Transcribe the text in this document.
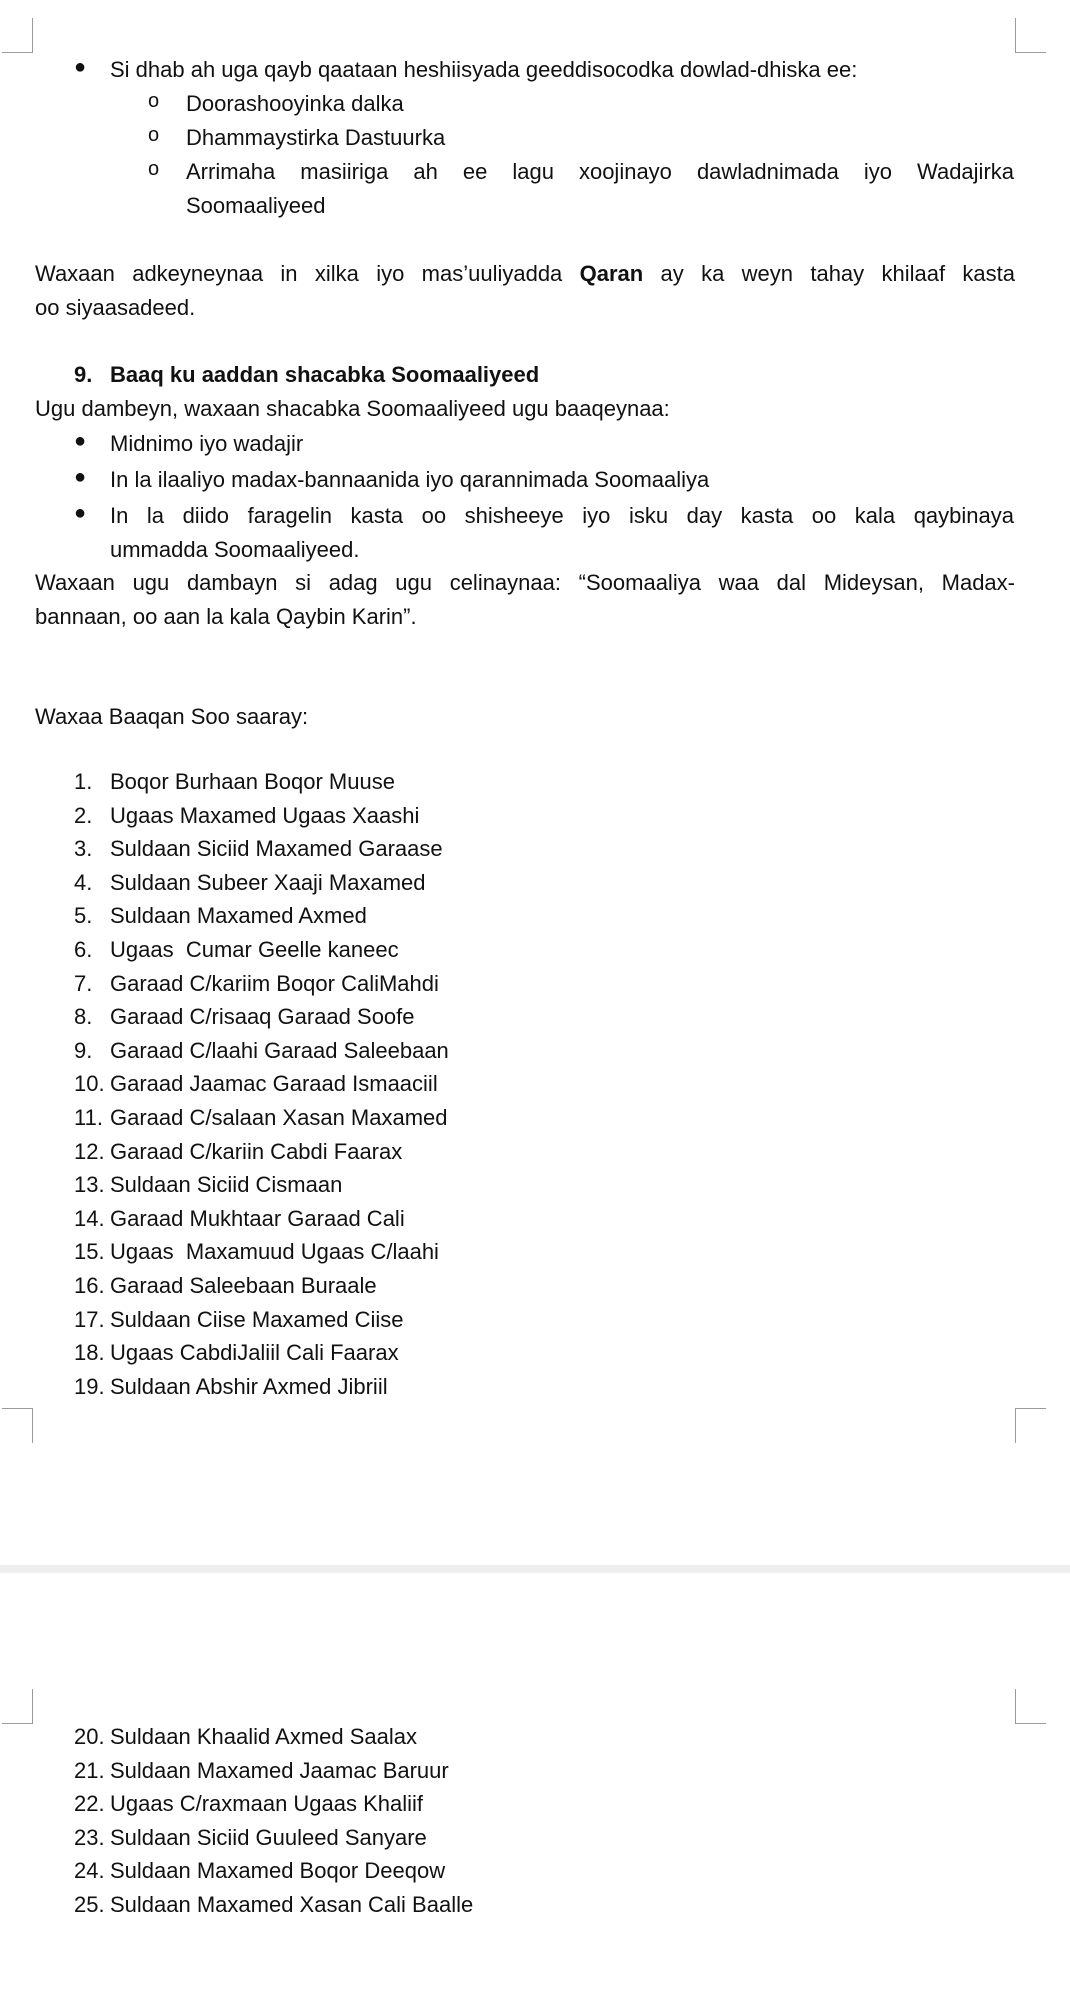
● Si dhab ah uga qayb qaataan heshiisyada geeddisocodka dowlad-dhiska ee:
o Doorashooyinka dalka
o Dhammaystirka Dastuurka
o Arrimaha masiiriga ah ee lagu xoojinayo dawladnimada iyo Wadajirka
Soomaaliyeed
Waxaan adkeyneynaa in xilka iyo mas’uuliyadda Qaran ay ka weyn tahay khilaaf kasta
oo siyaasadeed.
9. Baaq ku aaddan shacabka Soomaaliyeed
Ugu dambeyn, waxaan shacabka Soomaaliyeed ugu baaqeynaa:
● Midnimo iyo wadajir
● In la ilaaliyo madax-bannaanida iyo qarannimada Soomaaliya
● In la diido faragelin kasta oo shisheeye iyo isku day kasta oo kala qaybinaya
ummadda Soomaaliyeed.
Waxaan ugu dambayn si adag ugu celinaynaa: “Soomaaliya waa dal Mideysan, Madax-
bannaan, oo aan la kala Qaybin Karin”.
Waxaa Baaqan Soo saaray:
1. Boqor Burhaan Boqor Muuse
2. Ugaas Maxamed Ugaas Xaashi
3. Suldaan Siciid Maxamed Garaase
4. Suldaan Subeer Xaaji Maxamed
5. Suldaan Maxamed Axmed
6. Ugaas  Cumar Geelle kaneec
7. Garaad C/kariim Boqor CaliMahdi
8. Garaad C/risaaq Garaad Soofe
9. Garaad C/laahi Garaad Saleebaan
10. Garaad Jaamac Garaad Ismaaciil
11. Garaad C/salaan Xasan Maxamed
12. Garaad C/kariin Cabdi Faarax
13. Suldaan Siciid Cismaan
14. Garaad Mukhtaar Garaad Cali
15. Ugaas  Maxamuud Ugaas C/laahi
16. Garaad Saleebaan Buraale
17. Suldaan Ciise Maxamed Ciise
18. Ugaas CabdiJaliil Cali Faarax
19. Suldaan Abshir Axmed Jibriil
20. Suldaan Khaalid Axmed Saalax
21. Suldaan Maxamed Jaamac Baruur
22. Ugaas C/raxmaan Ugaas Khaliif
23. Suldaan Siciid Guuleed Sanyare
24. Suldaan Maxamed Boqor Deeqow
25. Suldaan Maxamed Xasan Cali Baalle
